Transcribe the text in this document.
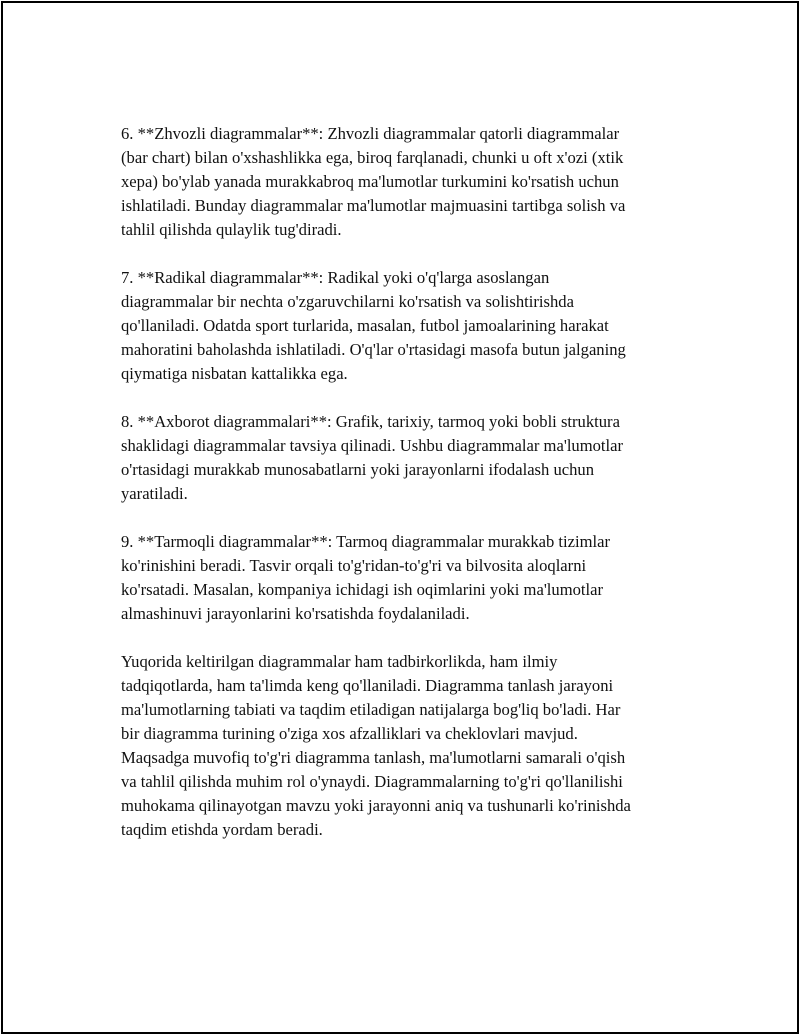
6. **Zhvozli diagrammalar**: Zhvozli diagrammalar qatorli diagrammalar
(bar chart) bilan o'xshashlikka ega, biroq farqlanadi, chunki u oft x'ozi (xtik
xepa) bo'ylab yanada murakkabroq ma'lumotlar turkumini ko'rsatish uchun
ishlatiladi. Bunday diagrammalar ma'lumotlar majmuasini tartibga solish va
tahlil qilishda qulaylik tug'diradi.

7. **Radikal diagrammalar**: Radikal yoki o'q'larga asoslangan
diagrammalar bir nechta o'zgaruvchilarni ko'rsatish va solishtirishda
qo'llaniladi. Odatda sport turlarida, masalan, futbol jamoalarining harakat
mahoratini baholashda ishlatiladi. O'q'lar o'rtasidagi masofa butun jalganing
qiymatiga nisbatan kattalikka ega.

8. **Axborot diagrammalari**: Grafik, tarixiy, tarmoq yoki bobli struktura
shaklidagi diagrammalar tavsiya qilinadi. Ushbu diagrammalar ma'lumotlar
o'rtasidagi murakkab munosabatlarni yoki jarayonlarni ifodalash uchun
yaratiladi.

9. **Tarmoqli diagrammalar**: Tarmoq diagrammalar murakkab tizimlar
ko'rinishini beradi. Tasvir orqali to'g'ridan-to'g'ri va bilvosita aloqlarni
ko'rsatadi. Masalan, kompaniya ichidagi ish oqimlarini yoki ma'lumotlar
almashinuvi jarayonlarini ko'rsatishda foydalaniladi.

Yuqorida keltirilgan diagrammalar ham tadbirkorlikda, ham ilmiy
tadqiqotlarda, ham ta'limda keng qo'llaniladi. Diagramma tanlash jarayoni
ma'lumotlarning tabiati va taqdim etiladigan natijalarga bog'liq bo'ladi. Har
bir diagramma turining o'ziga xos afzalliklari va cheklovlari mavjud.
Maqsadga muvofiq to'g'ri diagramma tanlash, ma'lumotlarni samarali o'qish
va tahlil qilishda muhim rol o'ynaydi. Diagrammalarning to'g'ri qo'llanilishi
muhokama qilinayotgan mavzu yoki jarayonni aniq va tushunarli ko'rinishda
taqdim etishda yordam beradi.
